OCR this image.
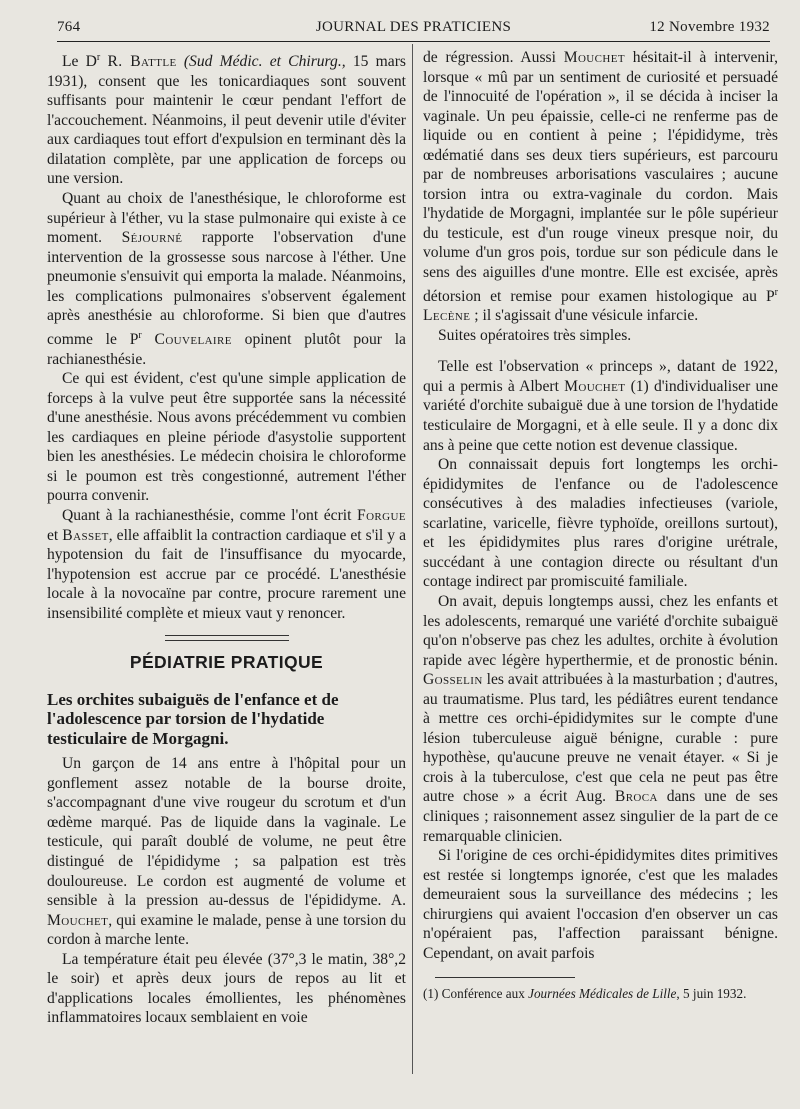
764	JOURNAL DES PRATICIENS	12 Novembre 1932

Le $D^r$ R. Battle (Sud Médic. et Chirurg., 15 mars 1931), consent que les tonicardiaques sont souvent suffisants pour maintenir le cœur pendant l'effort de l'accouchement. Néanmoins, il peut devenir utile d'éviter aux cardiaques tout effort d'expulsion en terminant dès la dilatation complète, par une application de forceps ou une version.

Quant au choix de l'anesthésique, le chloroforme est supérieur à l'éther, vu la stase pulmonaire qui existe à ce moment. Séjourné rapporte l'observation d'une intervention de la grossesse sous narcose à l'éther. Une pneumonie s'ensuivit qui emporta la malade. Néanmoins, les complications pulmonaires s'observent également après anesthésie au chloroforme. Si bien que d'autres comme le $P^r$ Couvelaire opinent plutôt pour la rachianesthésie.

Ce qui est évident, c'est qu'une simple application de forceps à la vulve peut être supportée sans la nécessité d'une anesthésie. Nous avons précédemment vu combien les cardiaques en pleine période d'asystolie supportent bien les anesthésies. Le médecin choisira le chloroforme si le poumon est très congestionné, autrement l'éther pourra convenir.

Quant à la rachianesthésie, comme l'ont écrit Forgue et Basset, elle affaiblit la contraction cardiaque et s'il y a hypotension du fait de l'insuffisance du myocarde, l'hypotension est accrue par ce procédé. L'anesthésie locale à la novocaïne par contre, procure rarement une insensibilité complète et mieux vaut y renoncer.

PÉDIATRIE PRATIQUE
Les orchites subaiguës de l'enfance et de l'adolescence par torsion de l'hydatide testiculaire de Morgagni.

Un garçon de 14 ans entre à l'hôpital pour un gonflement assez notable de la bourse droite, s'accompagnant d'une vive rougeur du scrotum et d'un œdème marqué. Pas de liquide dans la vaginale. Le testicule, qui paraît doublé de volume, ne peut être distingué de l'épididyme ; sa palpation est très douloureuse. Le cordon est augmenté de volume et sensible à la pression au-dessus de l'épididyme. A. Mouchet, qui examine le malade, pense à une torsion du cordon à marche lente.

La température était peu élevée (37°,3 le matin, 38°,2 le soir) et après deux jours de repos au lit et d'applications locales émollientes, les phénomènes inflammatoires locaux semblaient en voie

de régression. Aussi Mouchet hésitait-il à intervenir, lorsque « mû par un sentiment de curiosité et persuadé de l'innocuité de l'opération », il se décida à inciser la vaginale. Un peu épaissie, celle-ci ne renferme pas de liquide ou en contient à peine ; l'épididyme, très œdématié dans ses deux tiers supérieurs, est parcouru par de nombreuses arborisations vasculaires ; aucune torsion intra ou extra-vaginale du cordon. Mais l'hydatide de Morgagni, implantée sur le pôle supérieur du testicule, est d'un rouge vineux presque noir, du volume d'un gros pois, tordue sur son pédicule dans le sens des aiguilles d'une montre. Elle est excisée, après détorsion et remise pour examen histologique au $P^r$ Lecène ; il s'agissait d'une vésicule infarcie.

Suites opératoires très simples.

Telle est l'observation « princeps », datant de 1922, qui a permis à Albert Mouchet (1) d'individualiser une variété d'orchite subaiguë due à une torsion de l'hydatide testiculaire de Morgagni, et à elle seule. Il y a donc dix ans à peine que cette notion est devenue classique.

On connaissait depuis fort longtemps les orchi-épididymites de l'enfance ou de l'adolescence consécutives à des maladies infectieuses (variole, scarlatine, varicelle, fièvre typhoïde, oreillons surtout), et les épididymites plus rares d'origine urétrale, succédant à une contagion directe ou résultant d'un contage indirect par promiscuité familiale.

On avait, depuis longtemps aussi, chez les enfants et les adolescents, remarqué une variété d'orchite subaiguë qu'on n'observe pas chez les adultes, orchite à évolution rapide avec légère hyperthermie, et de pronostic bénin. Gosselin les avait attribuées à la masturbation ; d'autres, au traumatisme. Plus tard, les pédiâtres eurent tendance à mettre ces orchi-épididymites sur le compte d'une lésion tuberculeuse aiguë bénigne, curable : pure hypothèse, qu'aucune preuve ne venait étayer. « Si je crois à la tuberculose, c'est que cela ne peut pas être autre chose » a écrit Aug. Broca dans une de ses cliniques ; raisonnement assez singulier de la part de ce remarquable clinicien.

Si l'origine de ces orchi-épididymites dites primitives est restée si longtemps ignorée, c'est que les malades demeuraient sous la surveillance des médecins ; les chirurgiens qui avaient l'occasion d'en observer un cas n'opéraient pas, l'affection paraissant bénigne. Cependant, on avait parfois

(1) Conférence aux Journées Médicales de Lille, 5 juin 1932.
